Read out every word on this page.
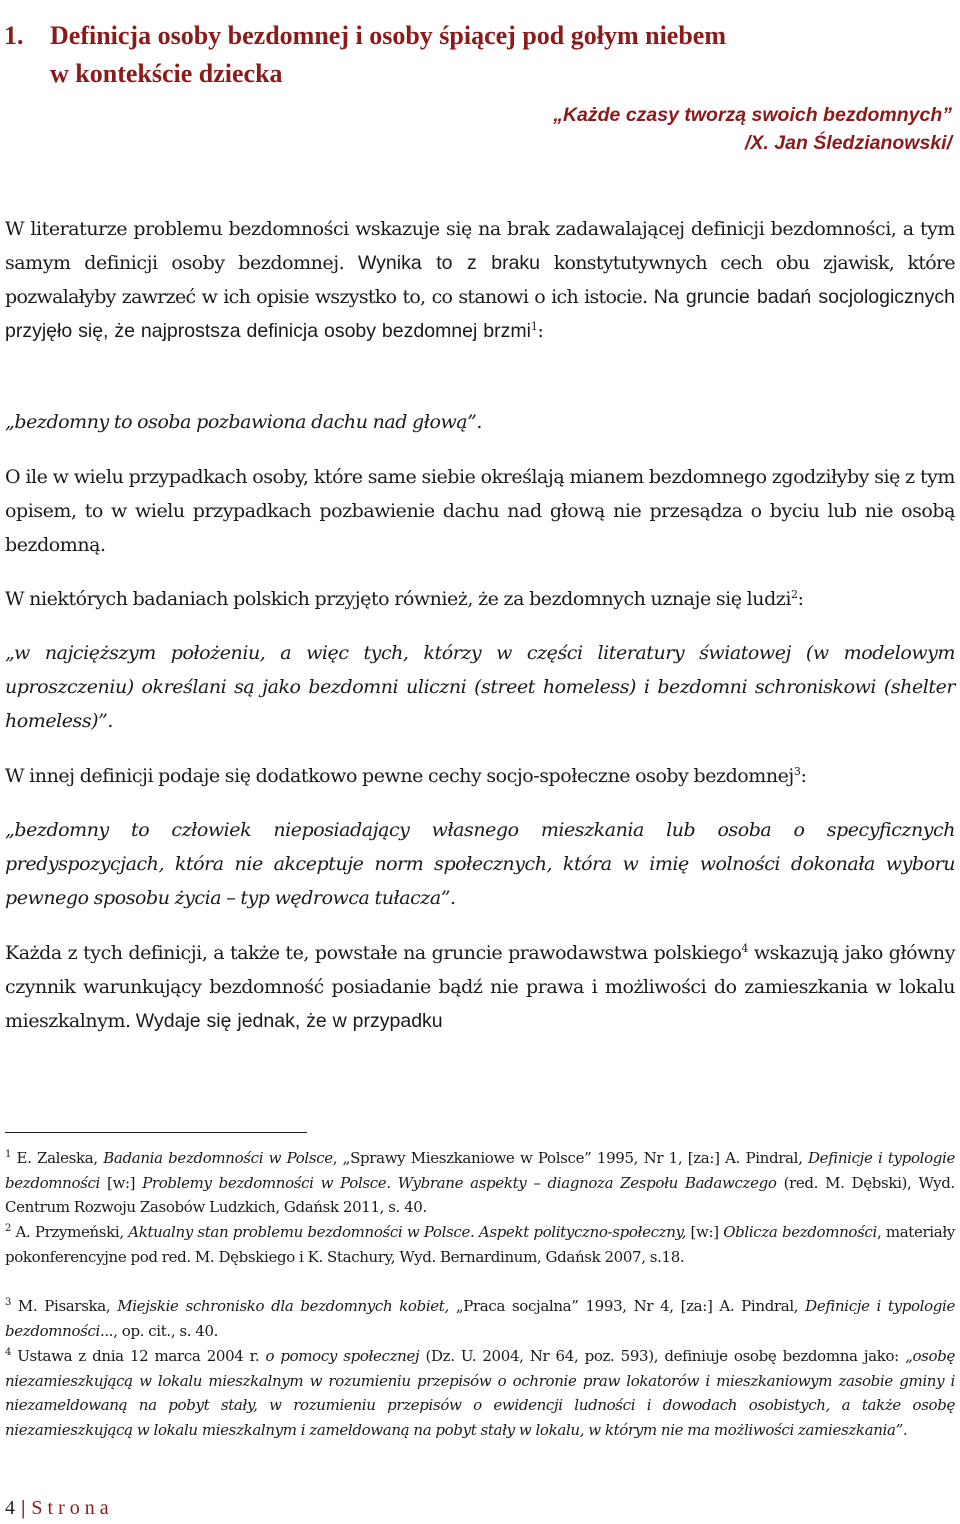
1. Definicja osoby bezdomnej i osoby śpiącej pod gołym niebem
w kontekście dziecka
„Każde czasy tworzą swoich bezdomnych”
/X. Jan Śledzianowski/

W literaturze problemu bezdomności wskazuje się na brak zadawalającej definicji bezdomności, a tym samym definicji osoby bezdomnej. Wynika to z braku konstytutywnych cech obu zjawisk, które pozwalałyby zawrzeć w ich opisie wszystko to, co stanowi o ich istocie. Na gruncie badań socjologicznych przyjęło się, że najprostsza definicja osoby bezdomnej brzmi$^1$:

„bezdomny to osoba pozbawiona dachu nad głową”.

O ile w wielu przypadkach osoby, które same siebie określają mianem bezdomnego zgodziłyby się z tym opisem, to w wielu przypadkach pozbawienie dachu nad głową nie przesądza o byciu lub nie osobą bezdomną.

W niektórych badaniach polskich przyjęto również, że za bezdomnych uznaje się ludzi$^2$:

„w najcięższym położeniu, a więc tych, którzy w części literatury światowej (w modelowym uproszczeniu) określani są jako bezdomni uliczni (street homeless) i bezdomni schroniskowi (shelter homeless)”.

W innej definicji podaje się dodatkowo pewne cechy socjo-społeczne osoby bezdomnej$^3$:

„bezdomny to człowiek nieposiadający własnego mieszkania lub osoba o specyficznych predyspozycjach, która nie akceptuje norm społecznych, która w imię wolności dokonała wyboru pewnego sposobu życia – typ wędrowca tułacza”.

Każda z tych definicji, a także te, powstałe na gruncie prawodawstwa polskiego$^4$ wskazują jako główny czynnik warunkujący bezdomność posiadanie bądź nie prawa i możliwości do zamieszkania w lokalu mieszkalnym. Wydaje się jednak, że w przypadku

$^1$ E. Zaleska, Badania bezdomności w Polsce, „Sprawy Mieszkaniowe w Polsce” 1995, Nr 1, [za:] A. Pindral, Definicje i typologie bezdomności [w:] Problemy bezdomności w Polsce. Wybrane aspekty – diagnoza Zespołu Badawczego (red. M. Dębski), Wyd. Centrum Rozwoju Zasobów Ludzkich, Gdańsk 2011, s. 40.

$^2$ A. Przymeński, Aktualny stan problemu bezdomności w Polsce. Aspekt polityczno-społeczny, [w:] Oblicza bezdomności, materiały pokonferencyjne pod red. M. Dębskiego i K. Stachury, Wyd. Bernardinum, Gdańsk 2007, s.18.

$^3$ M. Pisarska, Miejskie schronisko dla bezdomnych kobiet, „Praca socjalna” 1993, Nr 4, [za:] A. Pindral, Definicje i typologie bezdomności..., op. cit., s. 40.

$^4$ Ustawa z dnia 12 marca 2004 r. o pomocy społecznej (Dz. U. 2004, Nr 64, poz. 593), definiuje osobę bezdomna jako: „osobę niezamieszkującą w lokalu mieszkalnym w rozumieniu przepisów o ochronie praw lokatorów i mieszkaniowym zasobie gminy i niezameldowaną na pobyt stały, w rozumieniu przepisów o ewidencji ludności i dowodach osobistych, a także osobę niezamieszkującą w lokalu mieszkalnym i zameldowaną na pobyt stały w lokalu, w którym nie ma możliwości zamieszkania”.

4 | Strona
